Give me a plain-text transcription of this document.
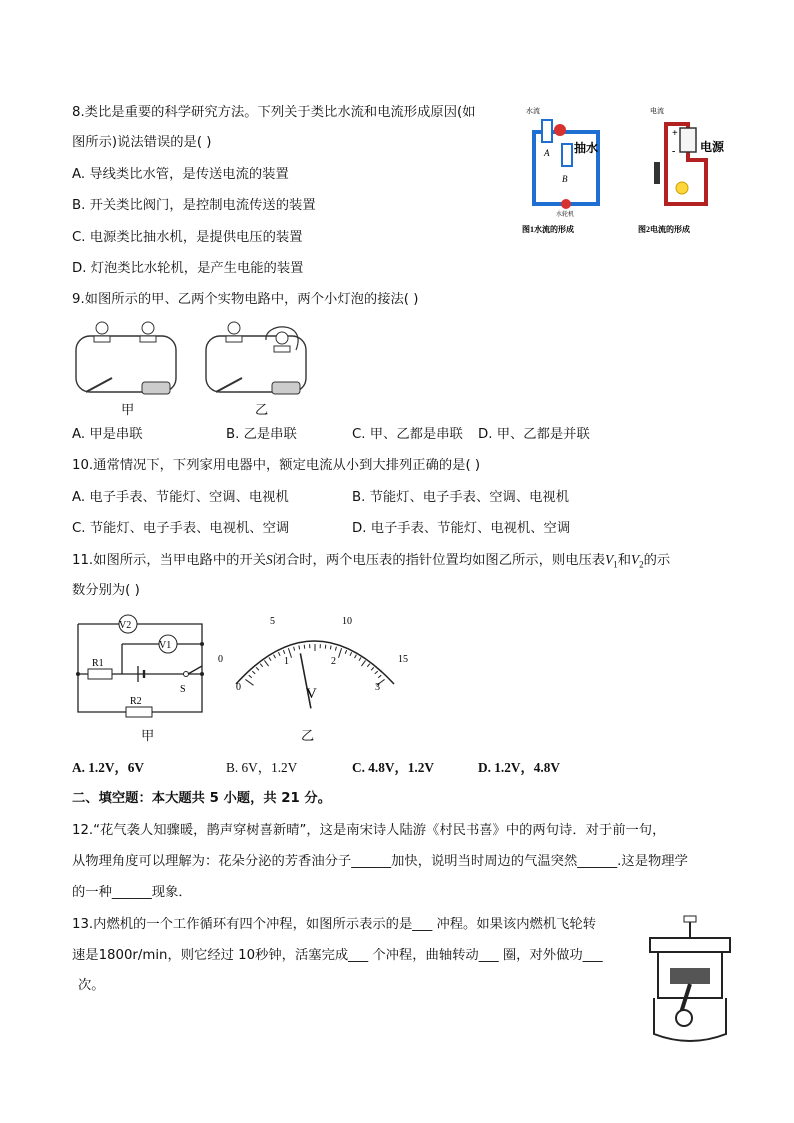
8.类比是重要的科学研究方法。下列关于类比水流和电流形成原因(如
图所示)说法错误的是( )
A. 导线类比水管，是传送电流的装置
B. 开关类比阀门，是控制电流传送的装置
C. 电源类比抽水机，是提供电压的装置
D. 灯泡类比水轮机，是产生电能的装置
水流
A
B
抽水
水轮机
图1水流的形成
电流
+
- 电源
图2电流的形成
9.如图所示的甲、乙两个实物电路中，两个小灯泡的接法( )
甲	乙
A. 甲是串联	B. 乙是串联	C. 甲、乙都是串联 D. 甲、乙都是并联
10.通常情况下，下列家用电器中，额定电流从小到大排列正确的是( )
A. 电子手表、节能灯、空调、电视机	B. 节能灯、电子手表、空调、电视机
C. 节能灯、电子手表、电视机、空调	D. 电子手表、节能灯、电视机、空调
11.如图所示，当甲电路中的开关S闭合时，两个电压表的指针位置均如图乙所示，则电压表$V_1$和$V_2$的示
数分别为( )
V2
V1
R1
R2
S
甲
0
5	10
15
0
1	2
3
V
乙
A. 1.2V，6V	B. 6V，1.2V	C. 4.8V，1.2V	D. 1.2V，4.8V
二、填空题：本大题共 5 小题，共 21 分。
12.“花气袭人知骤暖，鹊声穿树喜新晴”，这是南宋诗人陆游《村民书喜》中的两句诗．对于前一句，
从物理角度可以理解为：花朵分泌的芳香油分子______加快，说明当时周边的气温突然______.这是物理学
的一种______现象．
13.内燃机的一个工作循环有四个冲程，如图所示表示的是___ 冲程。如果该内燃机飞轮转
速是1800r/min，则它经过 10秒钟，活塞完成___ 个冲程，曲轴转动___ 圈，对外做功___
次。
